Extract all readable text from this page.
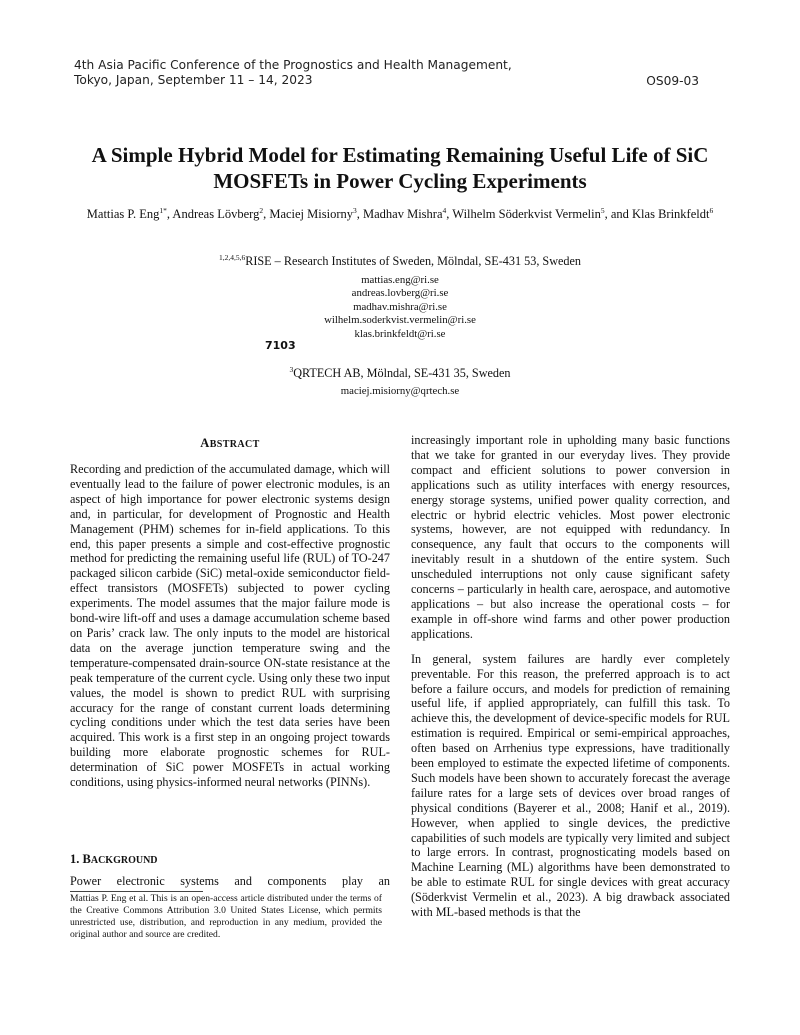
4th Asia Pacific Conference of the Prognostics and Health Management,
Tokyo, Japan, September 11 – 14, 2023	OS09-03
A Simple Hybrid Model for Estimating Remaining Useful Life of SiC MOSFETs in Power Cycling Experiments
Mattias P. Eng$^{1*}$, Andreas Lövberg$^2$, Maciej Misiorny$^3$, Madhav Mishra$^4$, Wilhelm Söderkvist Vermelin$^5$, and Klas Brinkfeldt$^6$
$^{1,2,4,5,6}$RISE – Research Institutes of Sweden, Mölndal, SE-431 53, Sweden
mattias.eng@ri.se
andreas.lovberg@ri.se
madhav.mishra@ri.se
wilhelm.soderkvist.vermelin@ri.se
klas.brinkfeldt@ri.se
7103
$^3$QRTECH AB, Mölndal, SE-431 35, Sweden
maciej.misiorny@qrtech.se
ABSTRACT

Recording and prediction of the accumulated damage, which will eventually lead to the failure of power electronic modules, is an aspect of high importance for power electronic systems design and, in particular, for development of Prognostic and Health Management (PHM) schemes for in-field applications. To this end, this paper presents a simple and cost-effective prognostic method for predicting the remaining useful life (RUL) of TO-247 packaged silicon carbide (SiC) metal-oxide semiconductor field-effect transistors (MOSFETs) subjected to power cycling experiments. The model assumes that the major failure mode is bond-wire lift-off and uses a damage accumulation scheme based on Paris’ crack law. The only inputs to the model are historical data on the average junction temperature swing and the temperature-compensated drain-source ON-state resistance at the peak temperature of the current cycle. Using only these two input values, the model is shown to predict RUL with surprising accuracy for the range of constant current loads determining cycling conditions under which the test data series have been acquired. This work is a first step in an ongoing project towards building more elaborate prognostic schemes for RUL-determination of SiC power MOSFETs in actual working conditions, using physics-informed neural networks (PINNs).

1. BACKGROUND
Power electronic systems and components play an
Mattias P. Eng et al. This is an open-access article distributed under the terms of the Creative Commons Attribution 3.0 United States License, which permits unrestricted use, distribution, and reproduction in any medium, provided the original author and source are credited.

increasingly important role in upholding many basic functions that we take for granted in our everyday lives. They provide compact and efficient solutions to power conversion in applications such as utility interfaces with energy resources, energy storage systems, unified power quality correction, and electric or hybrid electric vehicles. Most power electronic systems, however, are not equipped with redundancy. In consequence, any fault that occurs to the components will inevitably result in a shutdown of the entire system. Such unscheduled interruptions not only cause significant safety concerns – particularly in health care, aerospace, and automotive applications – but also increase the operational costs – for example in off-shore wind farms and other power production applications.

In general, system failures are hardly ever completely preventable. For this reason, the preferred approach is to act before a failure occurs, and models for prediction of remaining useful life, if applied appropriately, can fulfill this task. To achieve this, the development of device-specific models for RUL estimation is required. Empirical or semi-empirical approaches, often based on Arrhenius type expressions, have traditionally been employed to estimate the expected lifetime of components. Such models have been shown to accurately forecast the average failure rates for a large sets of devices over broad ranges of physical conditions (Bayerer et al., 2008; Hanif et al., 2019). However, when applied to single devices, the predictive capabilities of such models are typically very limited and subject to large errors. In contrast, prognosticating models based on Machine Learning (ML) algorithms have been demonstrated to be able to estimate RUL for single devices with great accuracy (Söderkvist Vermelin et al., 2023). A big drawback associated with ML-based methods is that the
